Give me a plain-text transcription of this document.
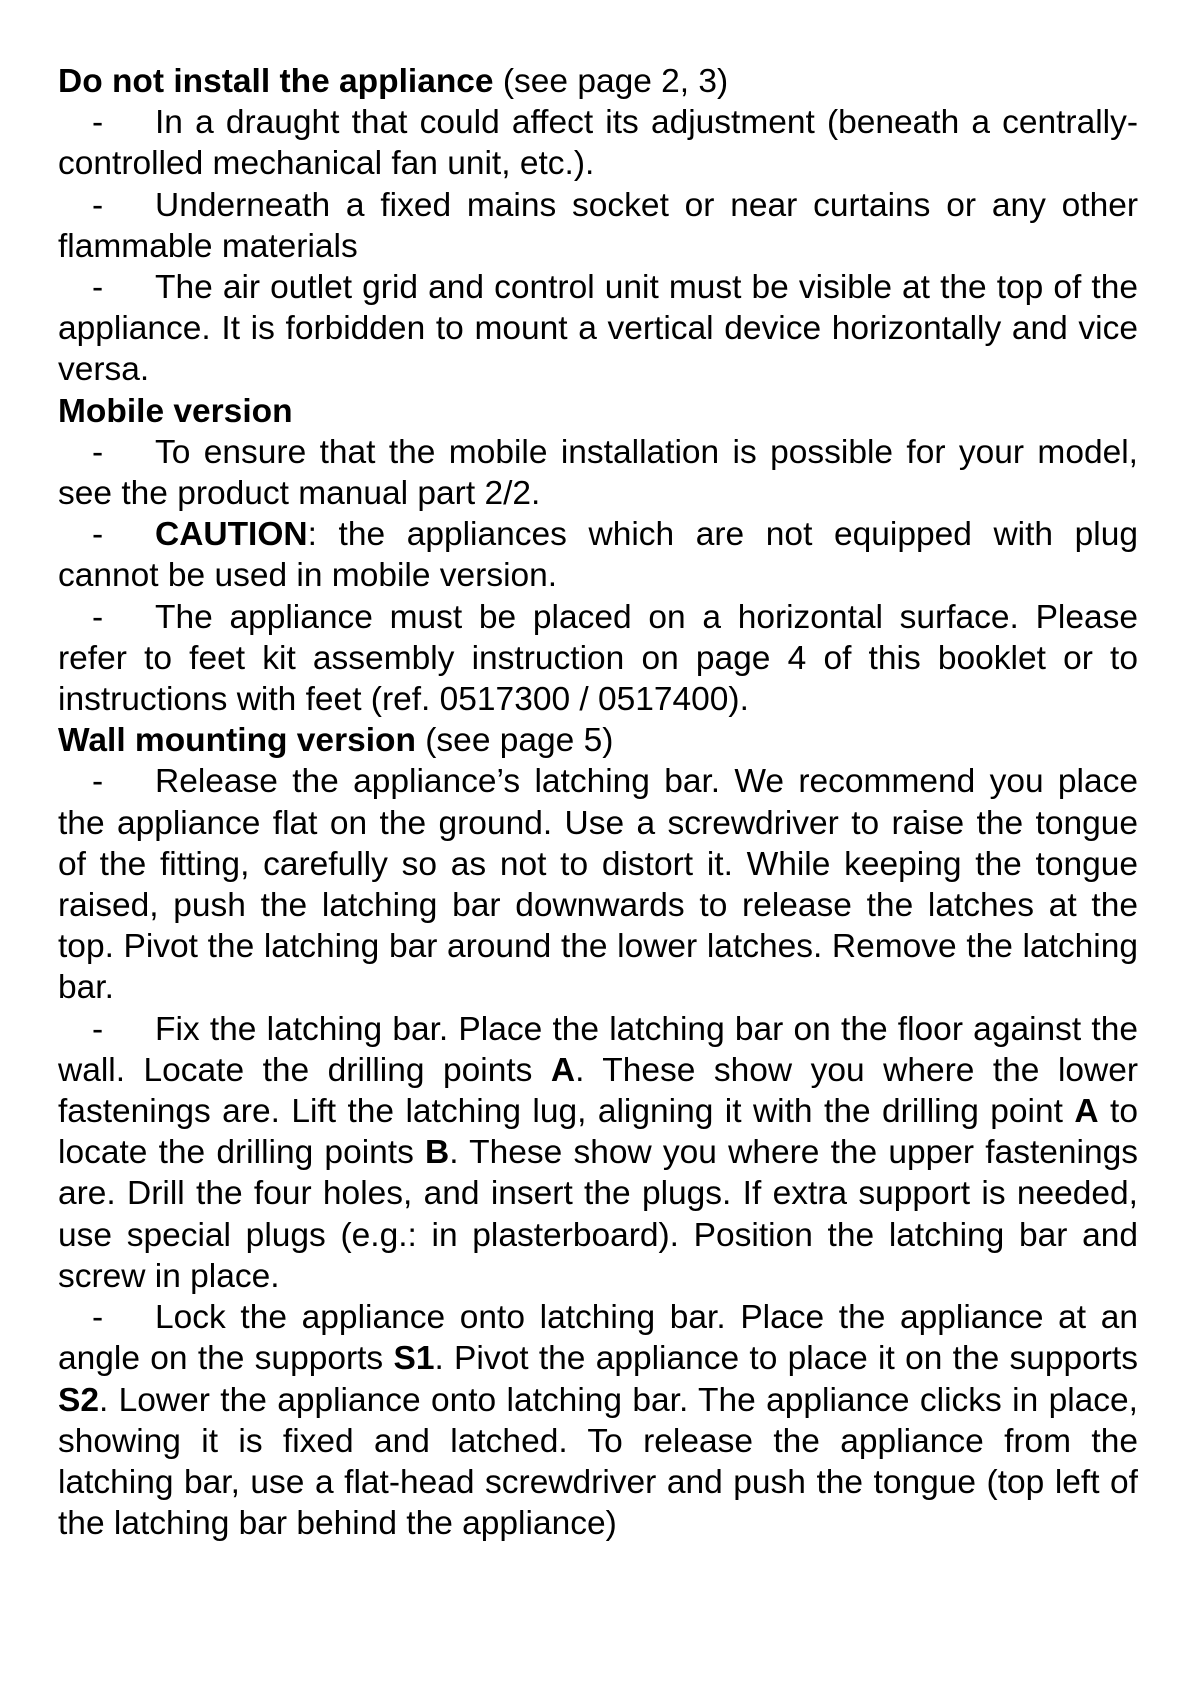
Do not install the appliance (see page 2, 3)

- In a draught that could affect its adjustment (beneath a centrally-controlled mechanical fan unit, etc.).

- Underneath a fixed mains socket or near curtains or any other flammable materials

- The air outlet grid and control unit must be visible at the top of the appliance. It is forbidden to mount a vertical device horizontally and vice versa.

Mobile version

- To ensure that the mobile installation is possible for your model, see the product manual part 2/2.

- CAUTION: the appliances which are not equipped with plug cannot be used in mobile version.

- The appliance must be placed on a horizontal surface. Please refer to feet kit assembly instruction on page 4 of this booklet or to instructions with feet (ref. 0517300 / 0517400).

Wall mounting version (see page 5)

- Release the appliance’s latching bar. We recommend you place the appliance flat on the ground. Use a screwdriver to raise the tongue of the fitting, carefully so as not to distort it. While keeping the tongue raised, push the latching bar downwards to release the latches at the top. Pivot the latching bar around the lower latches. Remove the latching bar.

- Fix the latching bar. Place the latching bar on the floor against the wall. Locate the drilling points A. These show you where the lower fastenings are. Lift the latching lug, aligning it with the drilling point A to locate the drilling points B. These show you where the upper fastenings are. Drill the four holes, and insert the plugs. If extra support is needed, use special plugs (e.g.: in plasterboard). Position the latching bar and screw in place.

- Lock the appliance onto latching bar. Place the appliance at an angle on the supports S1. Pivot the appliance to place it on the supports S2. Lower the appliance onto latching bar. The appliance clicks in place, showing it is fixed and latched. To release the appliance from the latching bar, use a flat-head screwdriver and push the tongue (top left of the latching bar behind the appliance)
